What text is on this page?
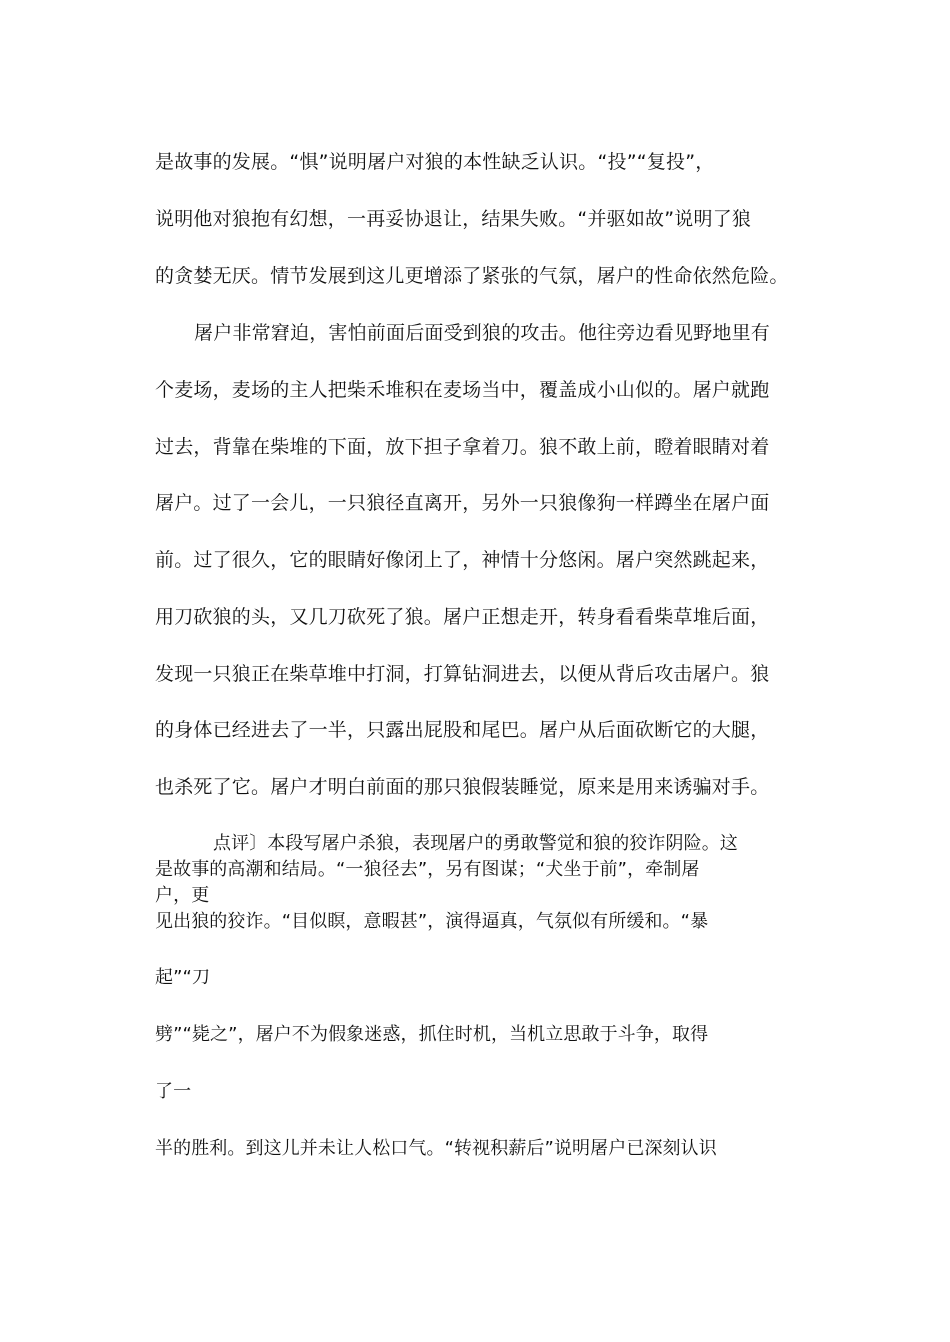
是故事的发展。“惧”说明屠户对狼的本性缺乏认识。“投”“复投”，
说明他对狼抱有幻想，一再妥协退让，结果失败。“并驱如故”说明了狼
的贪婪无厌。情节发展到这儿更增添了紧张的气氛，屠户的性命依然危险。
屠户非常窘迫，害怕前面后面受到狼的攻击。他往旁边看见野地里有
个麦场，麦场的主人把柴禾堆积在麦场当中，覆盖成小山似的。屠户就跑
过去，背靠在柴堆的下面，放下担子拿着刀。狼不敢上前，瞪着眼睛对着
屠户。过了一会儿，一只狼径直离开，另外一只狼像狗一样蹲坐在屠户面
前。过了很久，它的眼睛好像闭上了，神情十分悠闲。屠户突然跳起来，
用刀砍狼的头，又几刀砍死了狼。屠户正想走开，转身看看柴草堆后面，
发现一只狼正在柴草堆中打洞，打算钻洞进去，以便从背后攻击屠户。狼
的身体已经进去了一半，只露出屁股和尾巴。屠户从后面砍断它的大腿，
也杀死了它。屠户才明白前面的那只狼假装睡觉，原来是用来诱骗对手。
点评〕本段写屠户杀狼，表现屠户的勇敢警觉和狼的狡诈阴险。这
是故事的高潮和结局。“一狼径去”，另有图谋；“犬坐于前”，牵制屠
户，更
见出狼的狡诈。“目似瞑，意暇甚”，演得逼真，气氛似有所缓和。“暴
起”“刀
劈”“毙之”，屠户不为假象迷惑，抓住时机，当机立思敢于斗争，取得
了一
半的胜利。到这儿并未让人松口气。“转视积薪后”说明屠户已深刻认识
